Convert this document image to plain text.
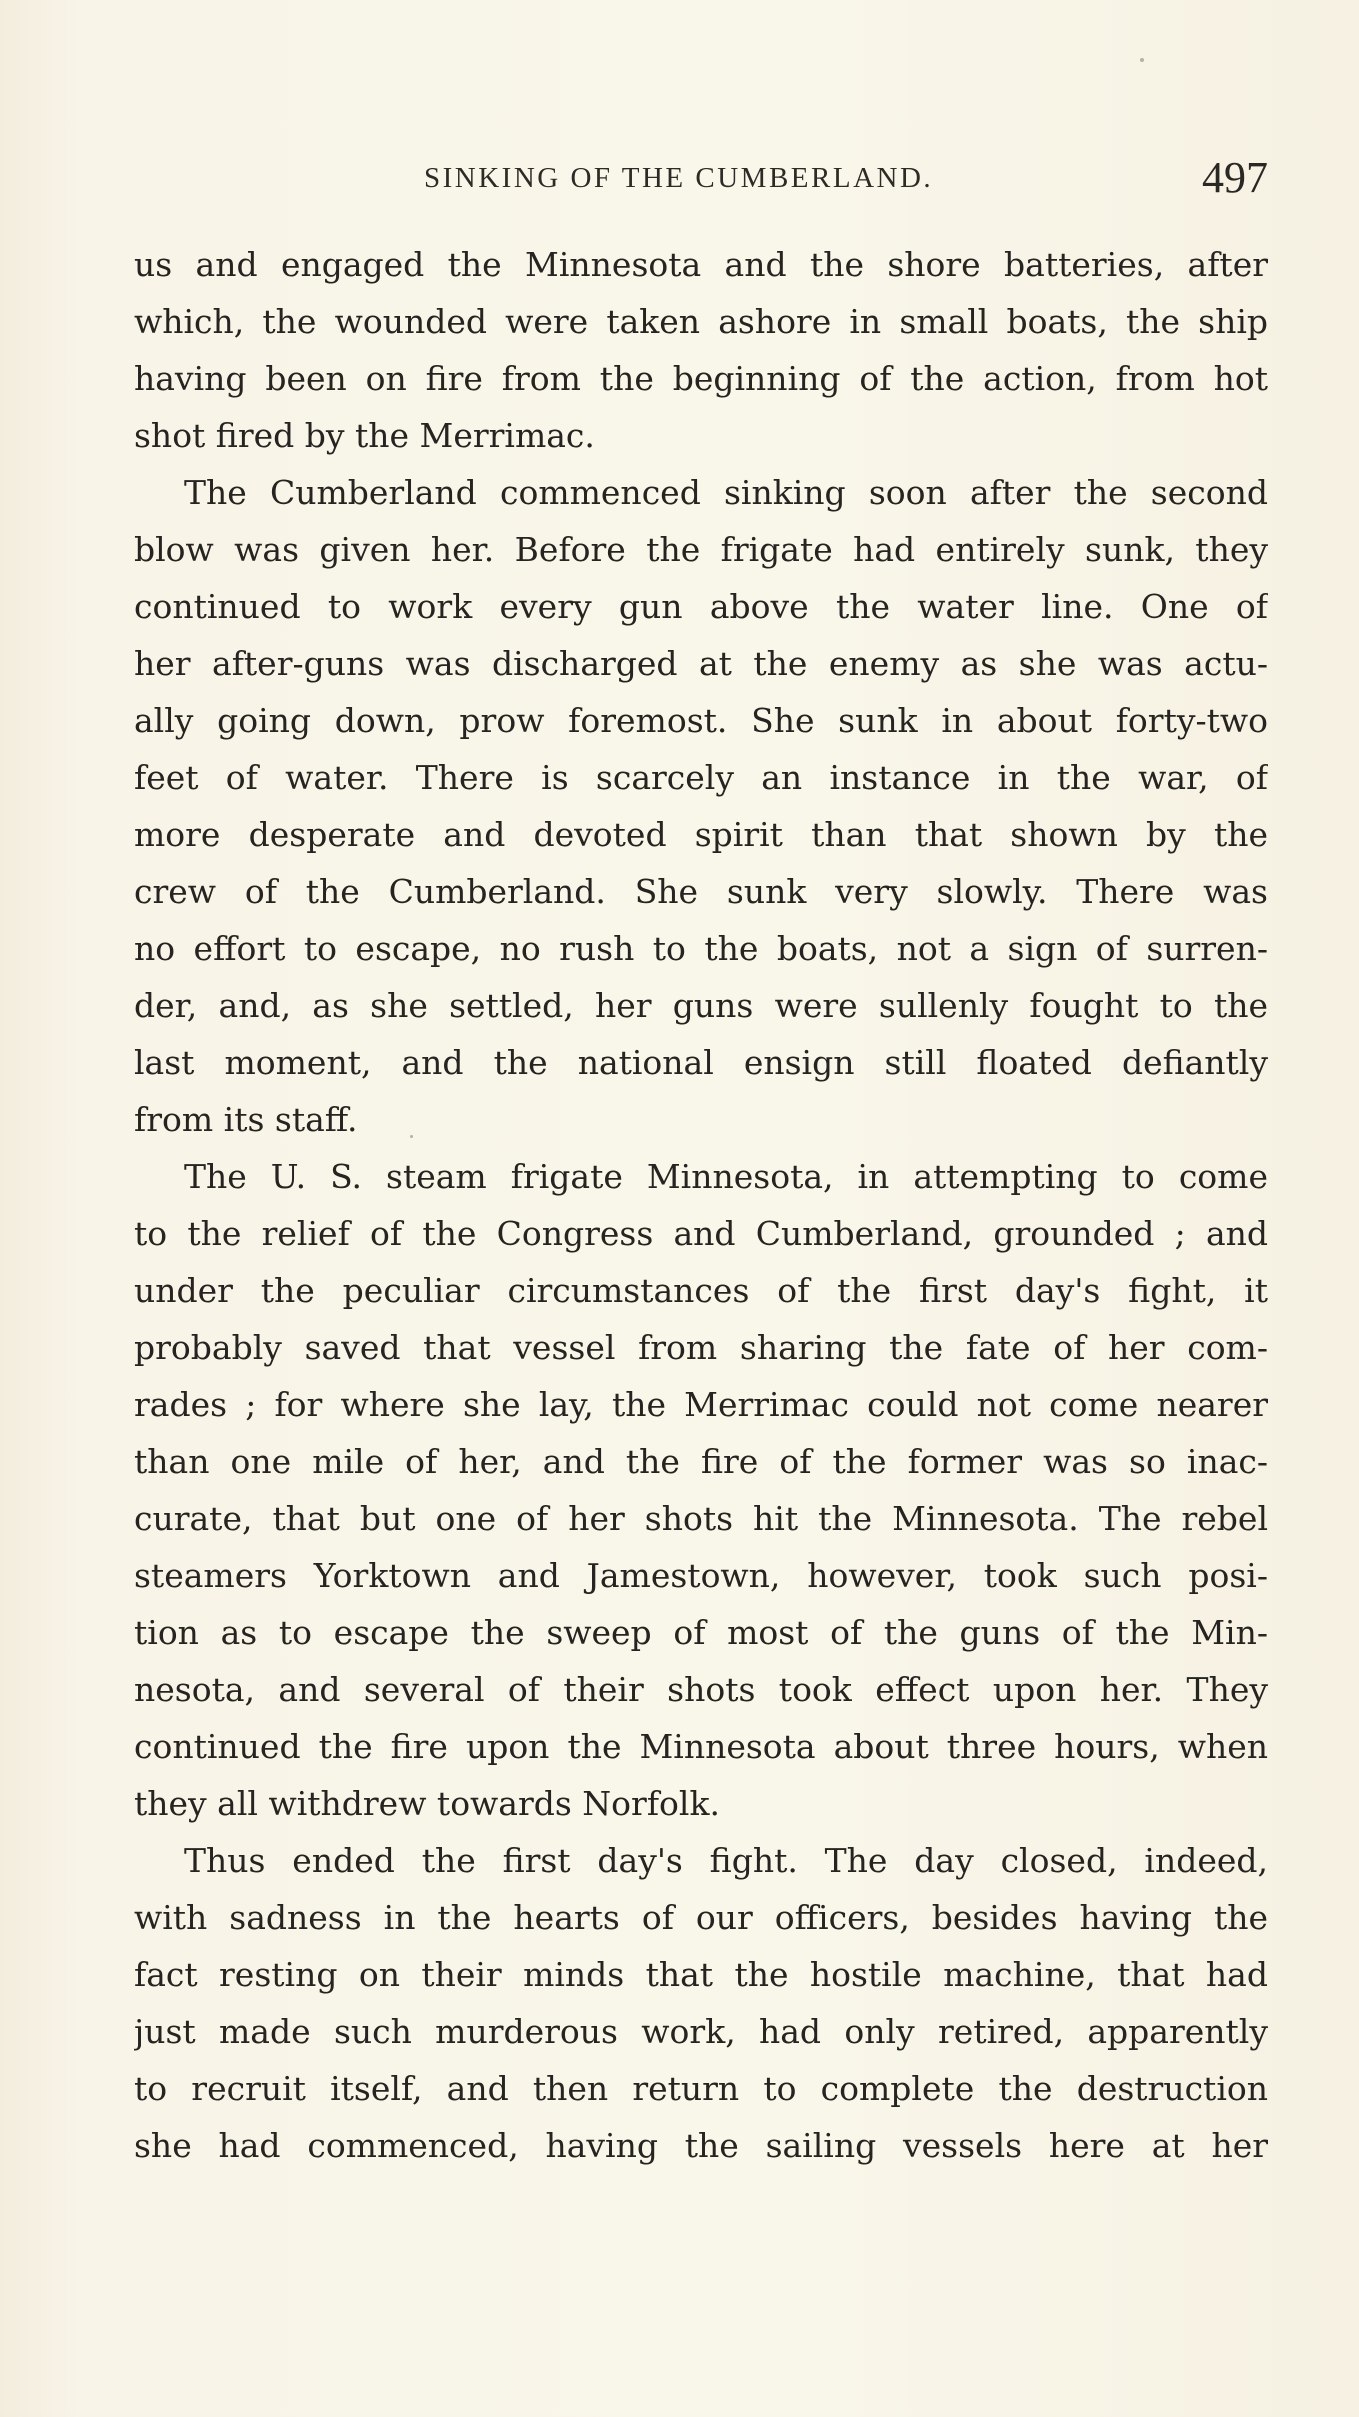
SINKING OF THE CUMBERLAND.	497
us and engaged the Minnesota and the shore batteries, after
which, the wounded were taken ashore in small boats, the ship
having been on fire from the beginning of the action, from hot
shot fired by the Merrimac.
The Cumberland commenced sinking soon after the second
blow was given her. Before the frigate had entirely sunk, they
continued to work every gun above the water line. One of
her after-guns was discharged at the enemy as she was actu-
ally going down, prow foremost. She sunk in about forty-two
feet of water. There is scarcely an instance in the war, of
more desperate and devoted spirit than that shown by the
crew of the Cumberland. She sunk very slowly. There was
no effort to escape, no rush to the boats, not a sign of surren-
der, and, as she settled, her guns were sullenly fought to the
last moment, and the national ensign still floated defiantly
from its staff.
The U. S. steam frigate Minnesota, in attempting to come
to the relief of the Congress and Cumberland, grounded ; and
under the peculiar circumstances of the first day's fight, it
probably saved that vessel from sharing the fate of her com-
rades ; for where she lay, the Merrimac could not come nearer
than one mile of her, and the fire of the former was so inac-
curate, that but one of her shots hit the Minnesota. The rebel
steamers Yorktown and Jamestown, however, took such posi-
tion as to escape the sweep of most of the guns of the Min-
nesota, and several of their shots took effect upon her. They
continued the fire upon the Minnesota about three hours, when
they all withdrew towards Norfolk.
Thus ended the first day's fight. The day closed, indeed,
with sadness in the hearts of our officers, besides having the
fact resting on their minds that the hostile machine, that had
just made such murderous work, had only retired, apparently
to recruit itself, and then return to complete the destruction
she had commenced, having the sailing vessels here at her
